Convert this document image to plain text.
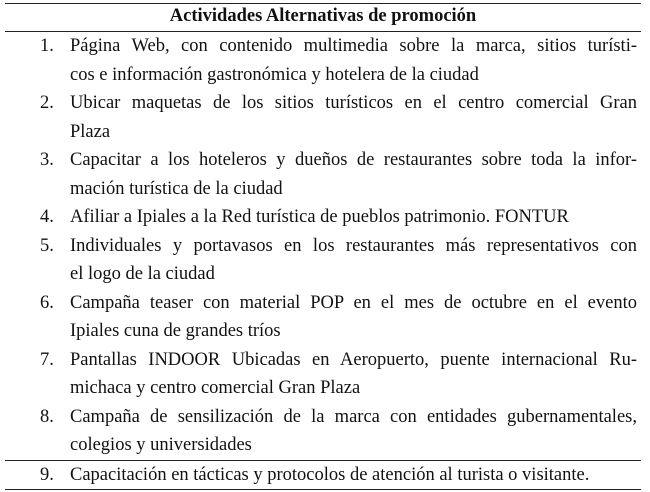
Actividades Alternativas de promoción
1. Página Web, con contenido multimedia sobre la marca, sitios turísti-
cos e información gastronómica y hotelera de la ciudad
2. Ubicar maquetas de los sitios turísticos en el centro comercial Gran
Plaza
3. Capacitar a los hoteleros y dueños de restaurantes sobre toda la infor-
mación turística de la ciudad
4. Afiliar a Ipiales a la Red turística de pueblos patrimonio. FONTUR
5. Individuales y portavasos en los restaurantes más representativos con
el logo de la ciudad
6. Campaña teaser con material POP en el mes de octubre en el evento
Ipiales cuna de grandes tríos
7. Pantallas INDOOR Ubicadas en Aeropuerto, puente internacional Ru-
michaca y centro comercial Gran Plaza
8. Campaña de sensilización de la marca con entidades gubernamentales,
colegios y universidades
9. Capacitación en tácticas y protocolos de atención al turista o visitante.
